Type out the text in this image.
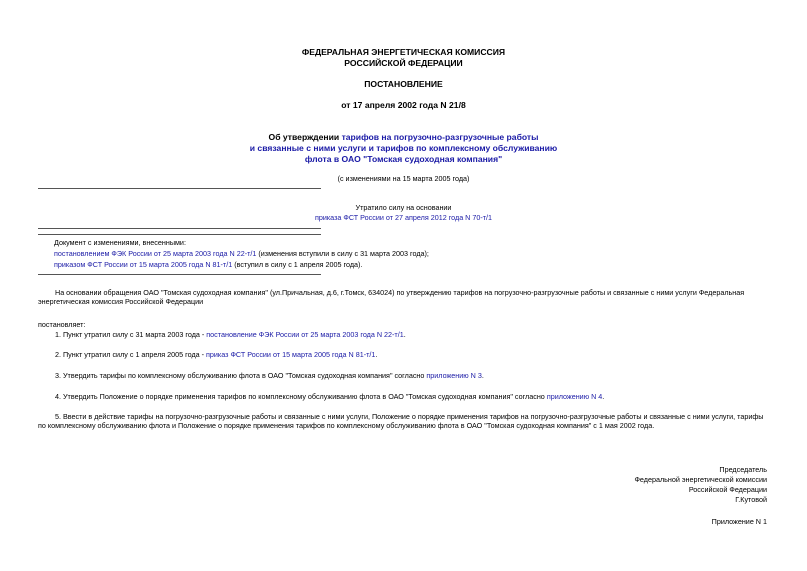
ФЕДЕРАЛЬНАЯ ЭНЕРГЕТИЧЕСКАЯ КОМИССИЯ
РОССИЙСКОЙ ФЕДЕРАЦИИ
ПОСТАНОВЛЕНИЕ
от 17 апреля 2002 года N 21/8
Об утверждении тарифов на погрузочно-разгрузочные работы
и связанные с ними услуги и тарифов по комплексному обслуживанию
флота в ОАО "Томская судоходная компания"
(с изменениями на 15 марта 2005 года)
Утратило силу на основании
приказа ФСТ России от 27 апреля 2012 года N 70-т/1
Документ с изменениями, внесенными:
постановлением ФЭК России от 25 марта 2003 года N 22-т/1 (изменения вступили в силу с 31 марта 2003 года);
приказом ФСТ России от 15 марта 2005 года N 81-т/1 (вступил в силу с 1 апреля 2005 года).
На основании обращения ОАО "Томская судоходная компания" (ул.Причальная, д.6, г.Томск, 634024) по утверждению тарифов на погрузочно-разгрузочные работы и связанные с ними услуги Федеральная энергетическая комиссия Российской Федерации
постановляет:
1. Пункт утратил силу с 31 марта 2003 года - постановление ФЭК России от 25 марта 2003 года N 22-т/1.
2. Пункт утратил силу с 1 апреля 2005 года - приказ ФСТ России от 15 марта 2005 года N 81-т/1.
3. Утвердить тарифы по комплексному обслуживанию флота в ОАО "Томская судоходная компания" согласно приложению N 3.
4. Утвердить Положение о порядке применения тарифов по комплексному обслуживанию флота в ОАО "Томская судоходная компания" согласно приложению N 4.
5. Ввести в действие тарифы на погрузочно-разгрузочные работы и связанные с ними услуги, Положение о порядке применения тарифов на погрузочно-разгрузочные работы и связанные с ними услуги, тарифы по комплексному обслуживанию флота и Положение о порядке применения тарифов по комплексному обслуживанию флота в ОАО "Томская судоходная компания" с 1 мая 2002 года.
Председатель
Федеральной энергетической комиссии
Российской Федерации
Г.Кутовой
Приложение N 1
